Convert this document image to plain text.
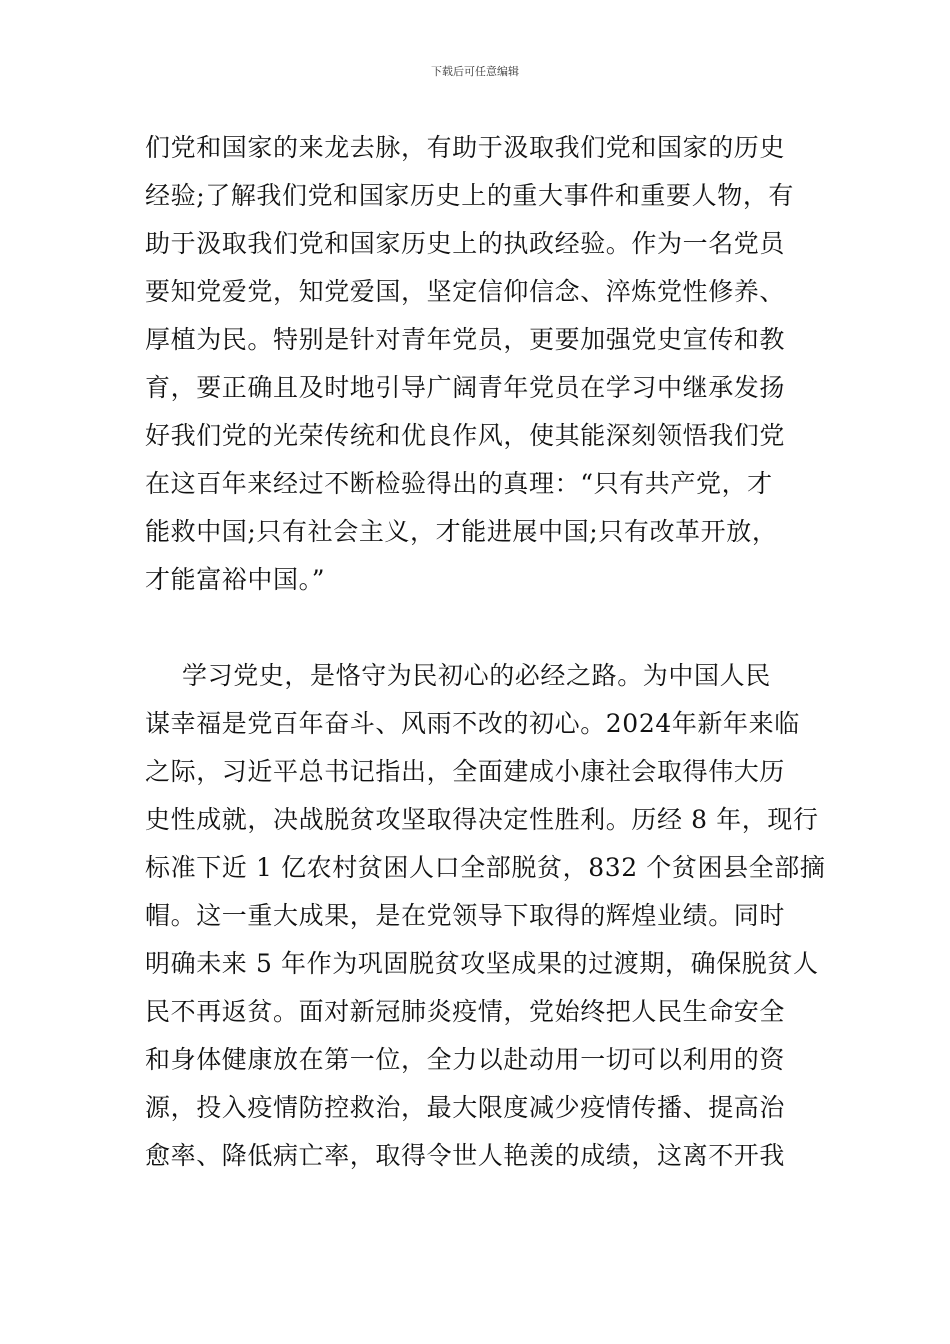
下载后可任意编辑
们党和国家的来龙去脉，有助于汲取我们党和国家的历史
经验;了解我们党和国家历史上的重大事件和重要人物，有
助于汲取我们党和国家历史上的执政经验。作为一名党员
要知党爱党，知党爱国，坚定信仰信念、淬炼党性修养、
厚植为民。特别是针对青年党员，更要加强党史宣传和教
育，要正确且及时地引导广阔青年党员在学习中继承发扬
好我们党的光荣传统和优良作风，使其能深刻领悟我们党
在这百年来经过不断检验得出的真理：“只有共产党，才
能救中国;只有社会主义，才能进展中国;只有改革开放，
才能富裕中国。”
学习党史，是恪守为民初心的必经之路。为中国人民
谋幸福是党百年奋斗、风雨不改的初心。2024年新年来临
之际，习近平总书记指出，全面建成小康社会取得伟大历
史性成就，决战脱贫攻坚取得决定性胜利。历经 8 年，现行
标准下近 1 亿农村贫困人口全部脱贫，832 个贫困县全部摘
帽。这一重大成果，是在党领导下取得的辉煌业绩。同时
明确未来 5 年作为巩固脱贫攻坚成果的过渡期，确保脱贫人
民不再返贫。面对新冠肺炎疫情，党始终把人民生命安全
和身体健康放在第一位，全力以赴动用一切可以利用的资
源，投入疫情防控救治，最大限度减少疫情传播、提高治
愈率、降低病亡率，取得令世人艳羡的成绩，这离不开我
